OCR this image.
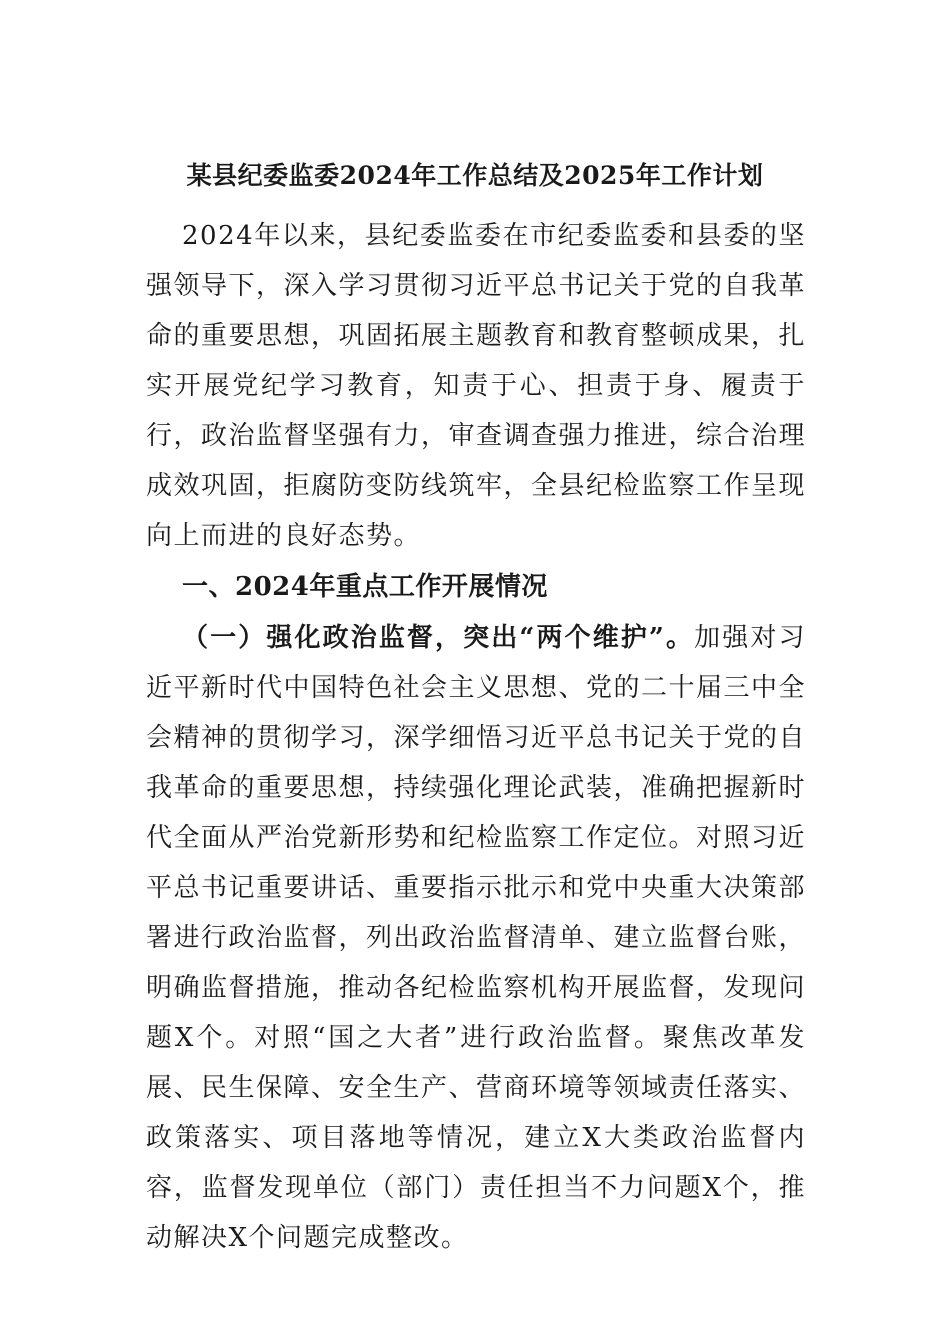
某县纪委监委2024年工作总结及2025年工作计划

2024年以来，县纪委监委在市纪委监委和县委的坚强领导下，深入学习贯彻习近平总书记关于党的自我革命的重要思想，巩固拓展主题教育和教育整顿成果，扎实开展党纪学习教育，知责于心、担责于身、履责于行，政治监督坚强有力，审查调查强力推进，综合治理成效巩固，拒腐防变防线筑牢，全县纪检监察工作呈现向上而进的良好态势。

一、2024年重点工作开展情况

（一）强化政治监督，突出“两个维护”。加强对习近平新时代中国特色社会主义思想、党的二十届三中全会精神的贯彻学习，深学细悟习近平总书记关于党的自我革命的重要思想，持续强化理论武装，准确把握新时代全面从严治党新形势和纪检监察工作定位。对照习近平总书记重要讲话、重要指示批示和党中央重大决策部署进行政治监督，列出政治监督清单、建立监督台账，明确监督措施，推动各纪检监察机构开展监督，发现问题X个。对照“国之大者”进行政治监督。聚焦改革发展、民生保障、安全生产、营商环境等领域责任落实、政策落实、项目落地等情况，建立X大类政治监督内容，监督发现单位（部门）责任担当不力问题X个，推动解决X个问题完成整改。
